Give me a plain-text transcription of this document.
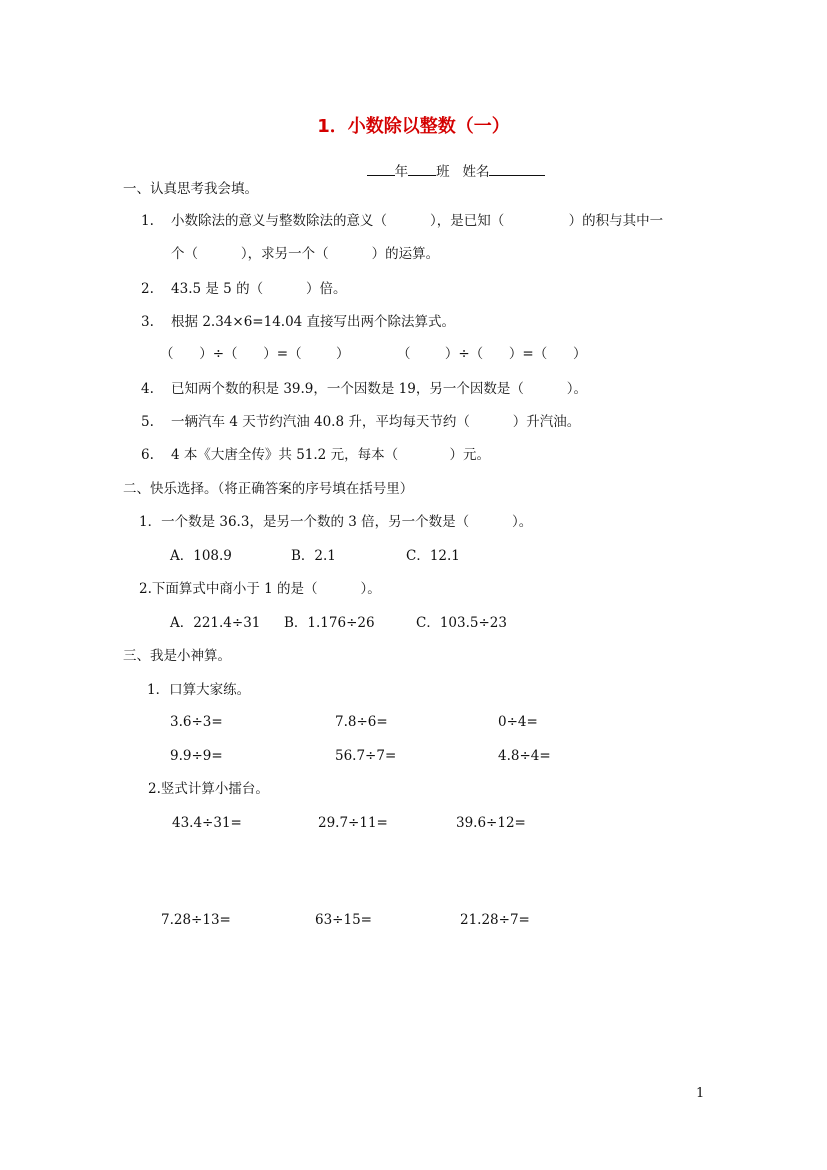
1．小数除以整数（一）

年 班 姓名

一、认真思考我会填。
1.    小数除法的意义与整数除法的意义（          ），是已知（               ）的积与其中一
个（          ），求另一个（          ）的运算。
2.    43.5 是 5 的（          ）倍。
3.    根据 2.34×6=14.04 直接写出两个除法算式。
（      ）÷（      ）=（        ）	（        ）÷（      ）=（      ）
4.    已知两个数的积是 39.9，一个因数是 19，另一个因数是（          ）。
5.    一辆汽车 4 天节约汽油 40.8 升，平均每天节约（          ）升汽油。
6.    4 本《大唐全传》共 51.2 元，每本（            ）元。
二、快乐选择。（将正确答案的序号填在括号里）
1．一个数是 36.3，是另一个数的 3 倍，另一个数是（          ）。
A．108.9	B．2.1	C．12.1
2.下面算式中商小于 1 的是（          ）。
A．221.4÷31 B．1.176÷26	C．103.5÷23
三、我是小神算。
1．口算大家练。
3.6÷3=	7.8÷6=	0÷4=
9.9÷9=	56.7÷7=	4.8÷4=
2.竖式计算小擂台。
43.4÷31=	29.7÷11=	39.6÷12=
7.28÷13=	63÷15=	21.28÷7=
1
